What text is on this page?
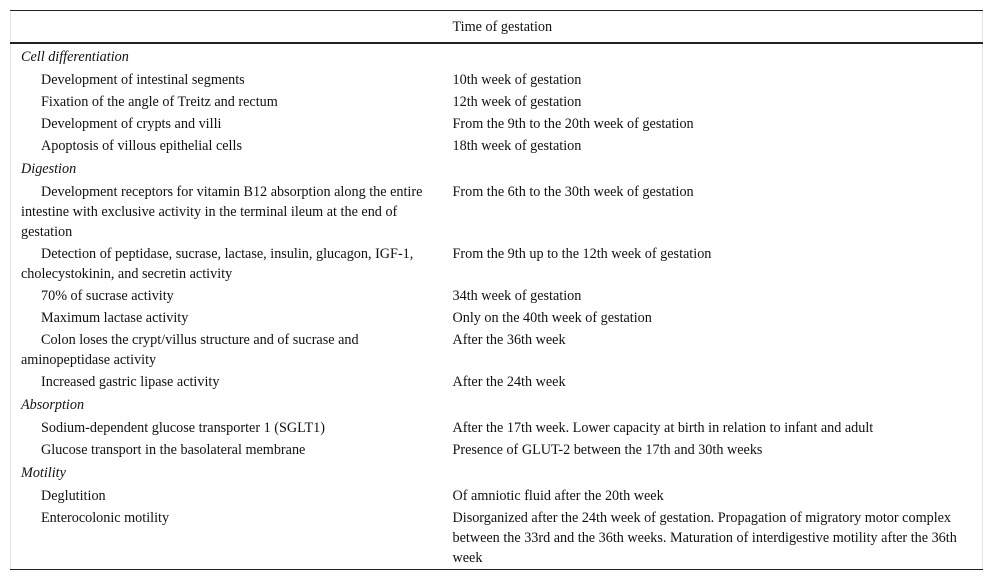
	Time of gestation
Cell differentiation	
Development of intestinal segments	10th week of gestation
Fixation of the angle of Treitz and rectum	12th week of gestation
Development of crypts and villi	From the 9th to the 20th week of gestation
Apoptosis of villous epithelial cells	18th week of gestation
Digestion	
Development receptors for vitamin B12 absorption along the entire intestine with exclusive activity in the terminal ileum at the end of gestation	From the 6th to the 30th week of gestation
Detection of peptidase, sucrase, lactase, insulin, glucagon, IGF-1, cholecystokinin, and secretin activity	From the 9th up to the 12th week of gestation
70% of sucrase activity	34th week of gestation
Maximum lactase activity	Only on the 40th week of gestation
Colon loses the crypt/villus structure and of sucrase and aminopeptidase activity	After the 36th week
Increased gastric lipase activity	After the 24th week
Absorption	
Sodium-dependent glucose transporter 1 (SGLT1)	After the 17th week. Lower capacity at birth in relation to infant and adult
Glucose transport in the basolateral membrane	Presence of GLUT-2 between the 17th and 30th weeks
Motility	
Deglutition	Of amniotic fluid after the 20th week
Enterocolonic motility	Disorganized after the 24th week of gestation. Propagation of migratory motor complex between the 33rd and the 36th weeks. Maturation of interdigestive motility after the 36th week
